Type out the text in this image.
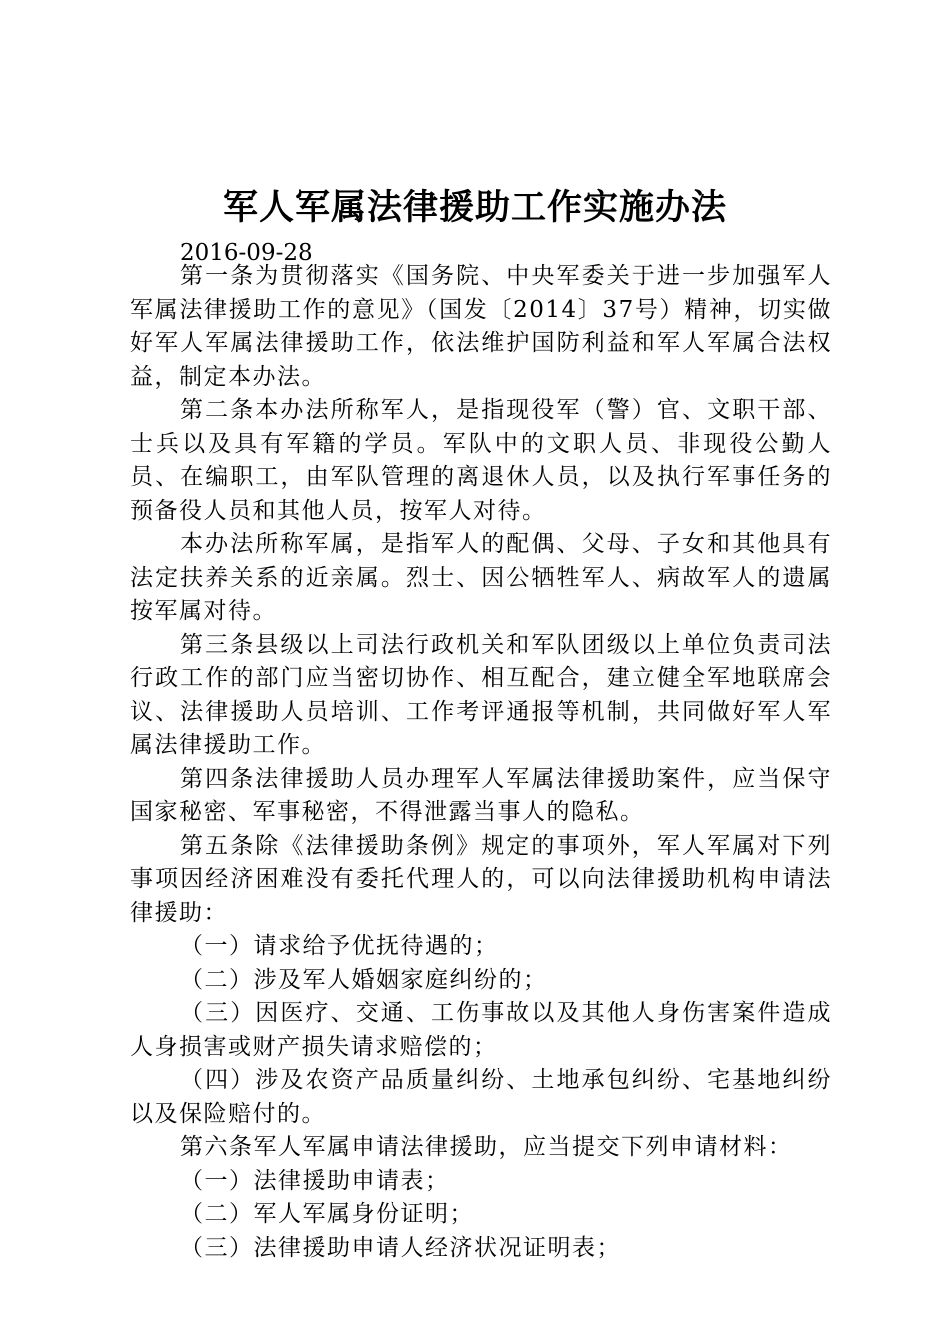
军人军属法律援助工作实施办法

2016-09-28

第一条为贯彻落实《国务院、中央军委关于进一步加强军人军属法律援助工作的意见》（国发〔2014〕37号）精神，切实做好军人军属法律援助工作，依法维护国防利益和军人军属合法权益，制定本办法。

第二条本办法所称军人，是指现役军（警）官、文职干部、士兵以及具有军籍的学员。军队中的文职人员、非现役公勤人员、在编职工，由军队管理的离退休人员，以及执行军事任务的预备役人员和其他人员，按军人对待。

本办法所称军属，是指军人的配偶、父母、子女和其他具有法定扶养关系的近亲属。烈士、因公牺牲军人、病故军人的遗属按军属对待。

第三条县级以上司法行政机关和军队团级以上单位负责司法行政工作的部门应当密切协作、相互配合，建立健全军地联席会议、法律援助人员培训、工作考评通报等机制，共同做好军人军属法律援助工作。

第四条法律援助人员办理军人军属法律援助案件，应当保守国家秘密、军事秘密，不得泄露当事人的隐私。

第五条除《法律援助条例》规定的事项外，军人军属对下列事项因经济困难没有委托代理人的，可以向法律援助机构申请法律援助：

（一）请求给予优抚待遇的；

（二）涉及军人婚姻家庭纠纷的；

（三）因医疗、交通、工伤事故以及其他人身伤害案件造成人身损害或财产损失请求赔偿的；

（四）涉及农资产品质量纠纷、土地承包纠纷、宅基地纠纷以及保险赔付的。

第六条军人军属申请法律援助，应当提交下列申请材料：

（一）法律援助申请表；

（二）军人军属身份证明；

（三）法律援助申请人经济状况证明表；
